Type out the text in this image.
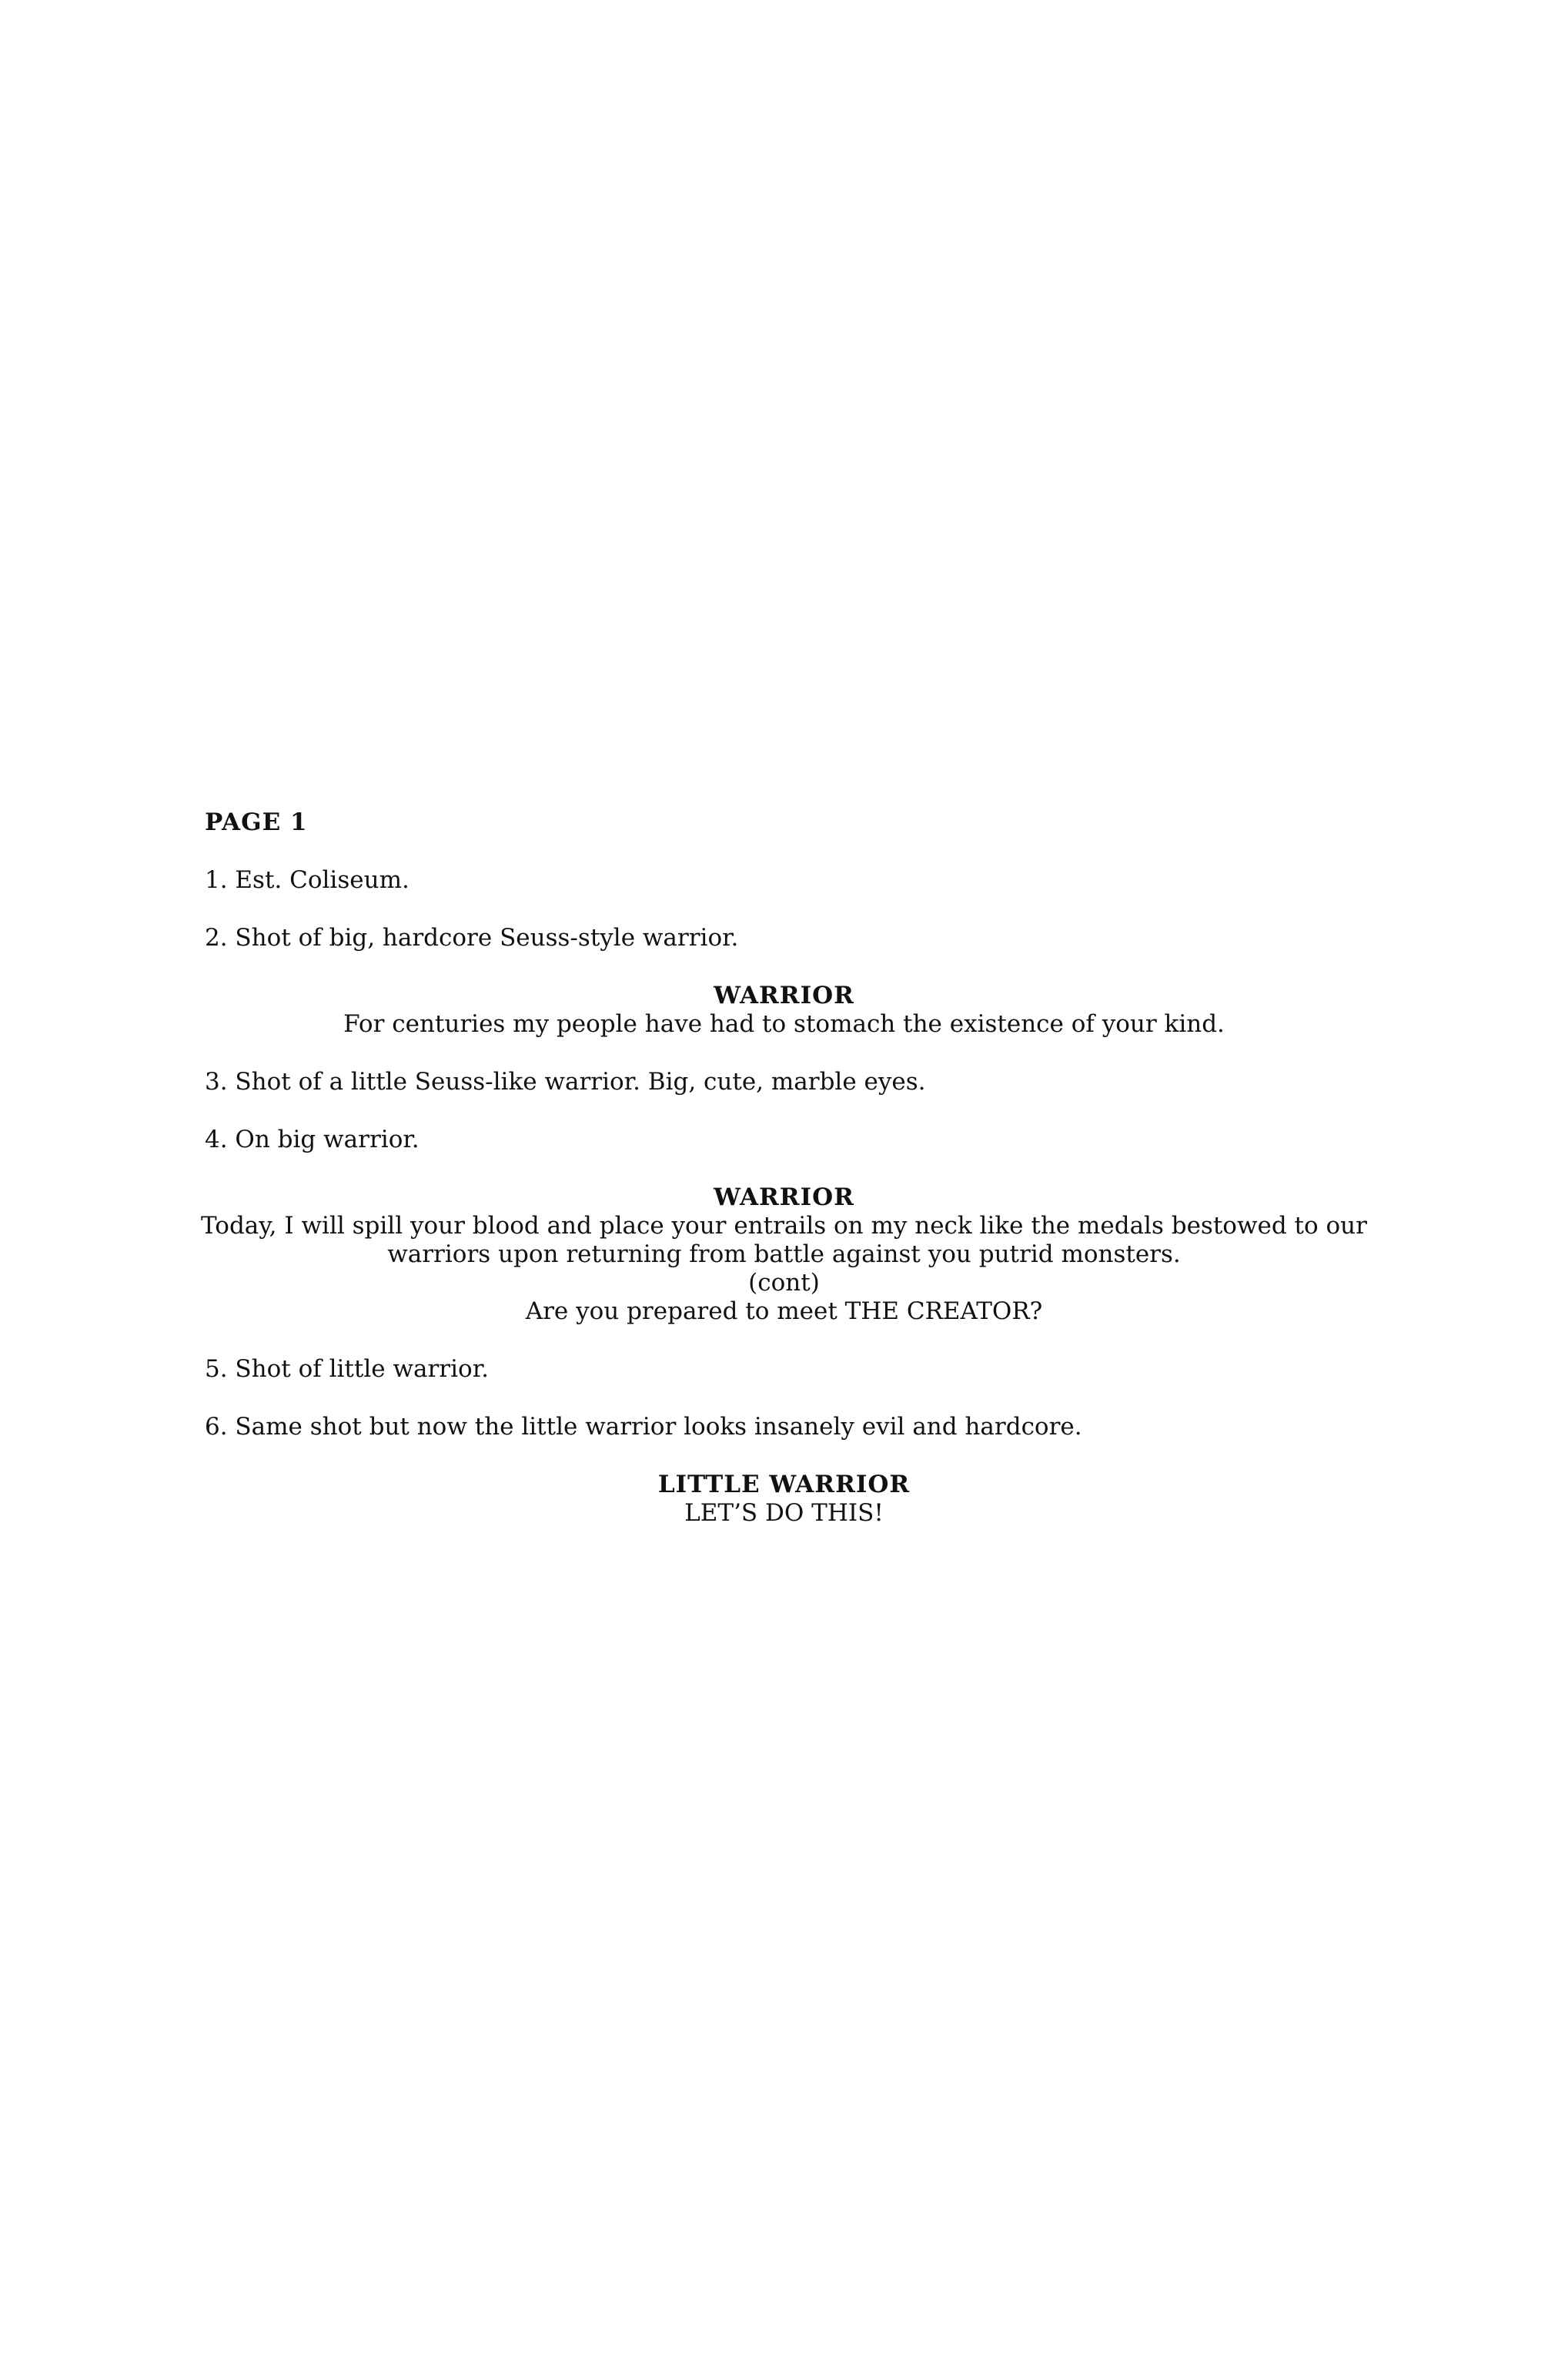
PAGE 1
1. Est. Coliseum.
2. Shot of big, hardcore Seuss-style warrior.
WARRIOR
For centuries my people have had to stomach the existence of your kind.
3. Shot of a little Seuss-like warrior. Big, cute, marble eyes.
4. On big warrior.
WARRIOR
Today, I will spill your blood and place your entrails on my neck like the medals bestowed to our
warriors upon returning from battle against you putrid monsters.
(cont)
Are you prepared to meet THE CREATOR?
5. Shot of little warrior.
6. Same shot but now the little warrior looks insanely evil and hardcore.
LITTLE WARRIOR
LET’S DO THIS!
